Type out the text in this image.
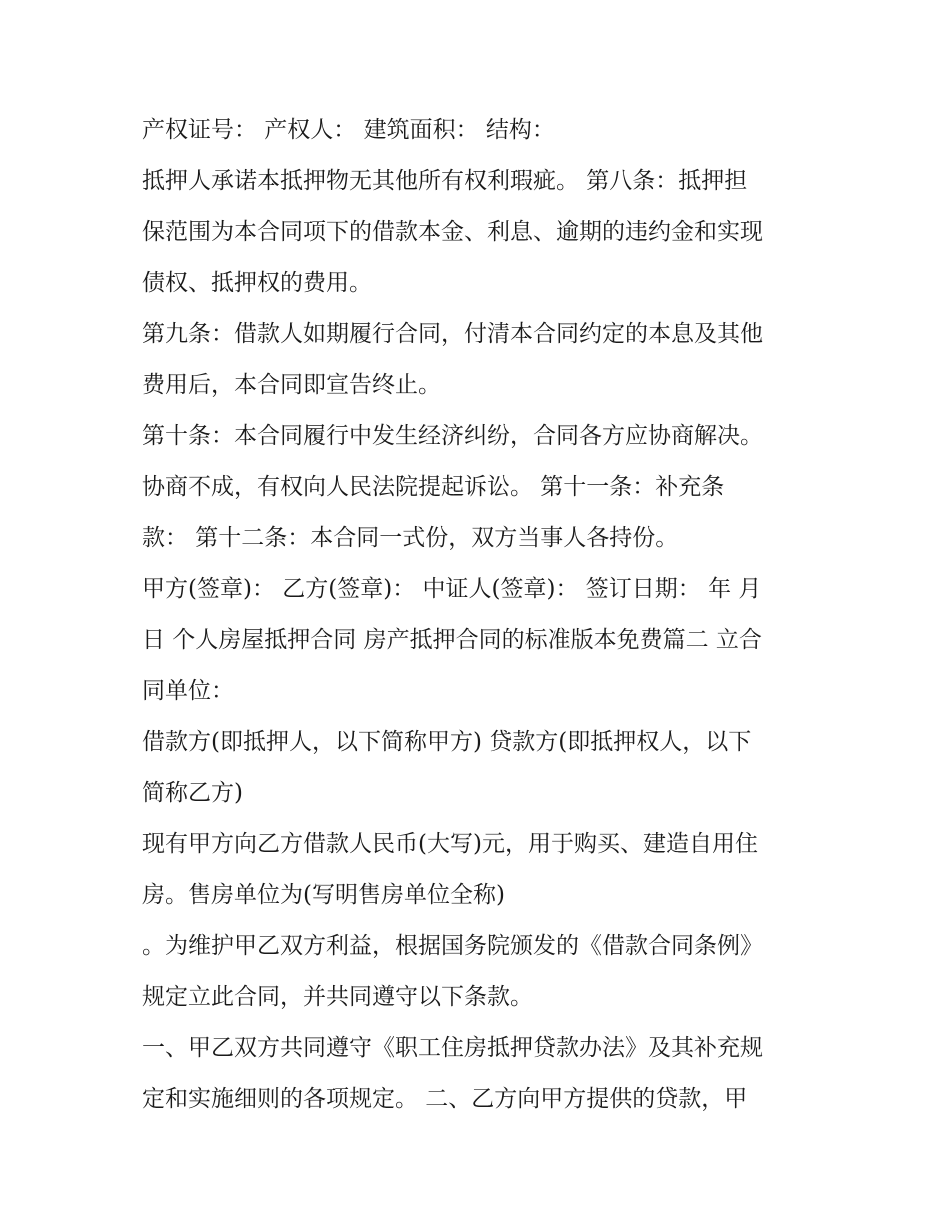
产权证号： 产权人： 建筑面积： 结构：
抵押人承诺本抵押物无其他所有权利瑕疵。 第八条：抵押担
保范围为本合同项下的借款本金、利息、逾期的违约金和实现
债权、抵押权的费用。
第九条：借款人如期履行合同，付清本合同约定的本息及其他
费用后，本合同即宣告终止。
第十条：本合同履行中发生经济纠纷，合同各方应协商解决。
协商不成，有权向人民法院提起诉讼。 第十一条：补充条
款： 第十二条：本合同一式份，双方当事人各持份。
甲方(签章)： 乙方(签章)： 中证人(签章)： 签订日期： 年 月
日 个人房屋抵押合同 房产抵押合同的标准版本免费篇二 立合
同单位：
借款方(即抵押人，以下简称甲方) 贷款方(即抵押权人，以下
简称乙方)
现有甲方向乙方借款人民币(大写)元，用于购买、建造自用住
房。售房单位为(写明售房单位全称)
。为维护甲乙双方利益，根据国务院颁发的《借款合同条例》
规定立此合同，并共同遵守以下条款。
一、甲乙双方共同遵守《职工住房抵押贷款办法》及其补充规
定和实施细则的各项规定。 二、乙方向甲方提供的贷款，甲
